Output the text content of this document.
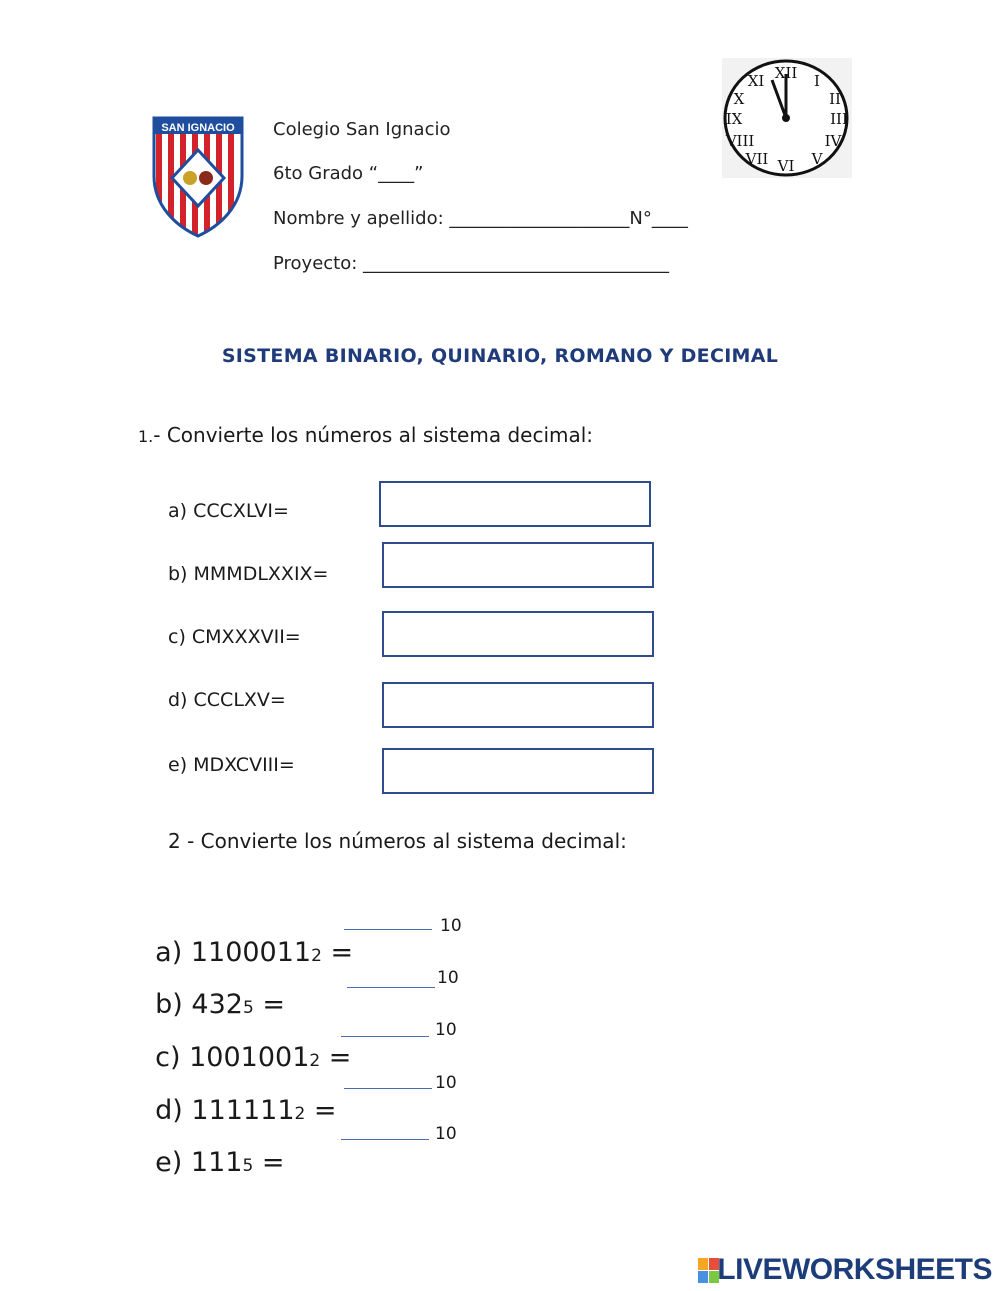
SAN IGNACIO Colegio San Ignacio
6to Grado “____”
Nombre y apellido: ____________________N°____
Proyecto: __________________________________
XII I
II
III
IV
V
VI
VII
VIII
IX
X
XI
SISTEMA BINARIO, QUINARIO, ROMANO Y DECIMAL
1.- Convierte los números al sistema decimal:
a) CCCXLVI=
b) MMMDLXXIX=
c) CMXXXVII=
d) CCCLXV=
e) MDXCVIII=
2 - Convierte los números al sistema decimal:

a) 11000112 =

10

b) 4325 =

10

c) 10010012 =

10

d) 1111112 =

10

e) 1115 =

10
LIVEWORKSHEETS
